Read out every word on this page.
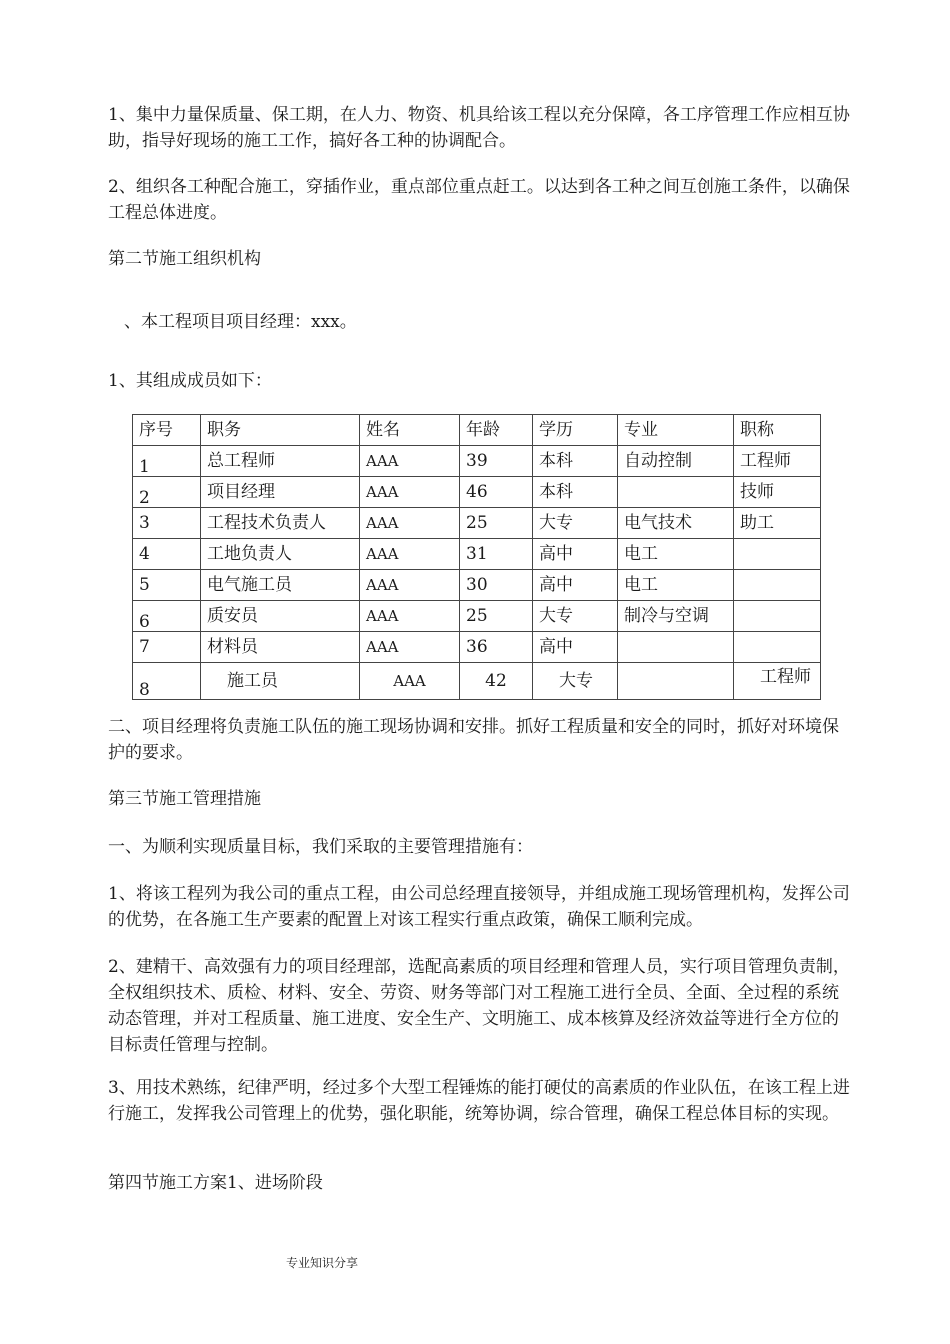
1、集中力量保质量、保工期，在人力、物资、机具给该工程以充分保障，各工序管理工作应相互协助，指导好现场的施工工作，搞好各工种的协调配合。

2、组织各工种配合施工，穿插作业，重点部位重点赶工。以达到各工种之间互创施工条件，以确保工程总体进度。

第二节施工组织机构

、本工程项目项目经理：xxx。

1、其组成成员如下：

序号	职务	姓名	年龄	学历	专业	职称
1	总工程师	AAA	39	本科	自动控制	工程师
2	项目经理	AAA	46	本科		技师
3	工程技术负责人	AAA	25	大专	电气技术	助工
4	工地负责人	AAA	31	高中	电工	
5	电气施工员	AAA	30	高中	电工	
6	质安员	AAA	25	大专	制冷与空调	
7	材料员	AAA	36	高中		
8	施工员	AAA	42	大专		工程师

二、项目经理将负责施工队伍的施工现场协调和安排。抓好工程质量和安全的同时，抓好对环境保护的要求。

第三节施工管理措施

一、为顺利实现质量目标，我们采取的主要管理措施有：

1、将该工程列为我公司的重点工程，由公司总经理直接领导，并组成施工现场管理机构，发挥公司的优势，在各施工生产要素的配置上对该工程实行重点政策，确保工顺利完成。

2、建精干、高效强有力的项目经理部，选配高素质的项目经理和管理人员，实行项目管理负责制，全权组织技术、质检、材料、安全、劳资、财务等部门对工程施工进行全员、全面、全过程的系统动态管理，并对工程质量、施工进度、安全生产、文明施工、成本核算及经济效益等进行全方位的目标责任管理与控制。

3、用技术熟练，纪律严明，经过多个大型工程锤炼的能打硬仗的高素质的作业队伍，在该工程上进行施工，发挥我公司管理上的优势，强化职能，统筹协调，综合管理，确保工程总体目标的实现。

第四节施工方案1、进场阶段

专业知识分享
